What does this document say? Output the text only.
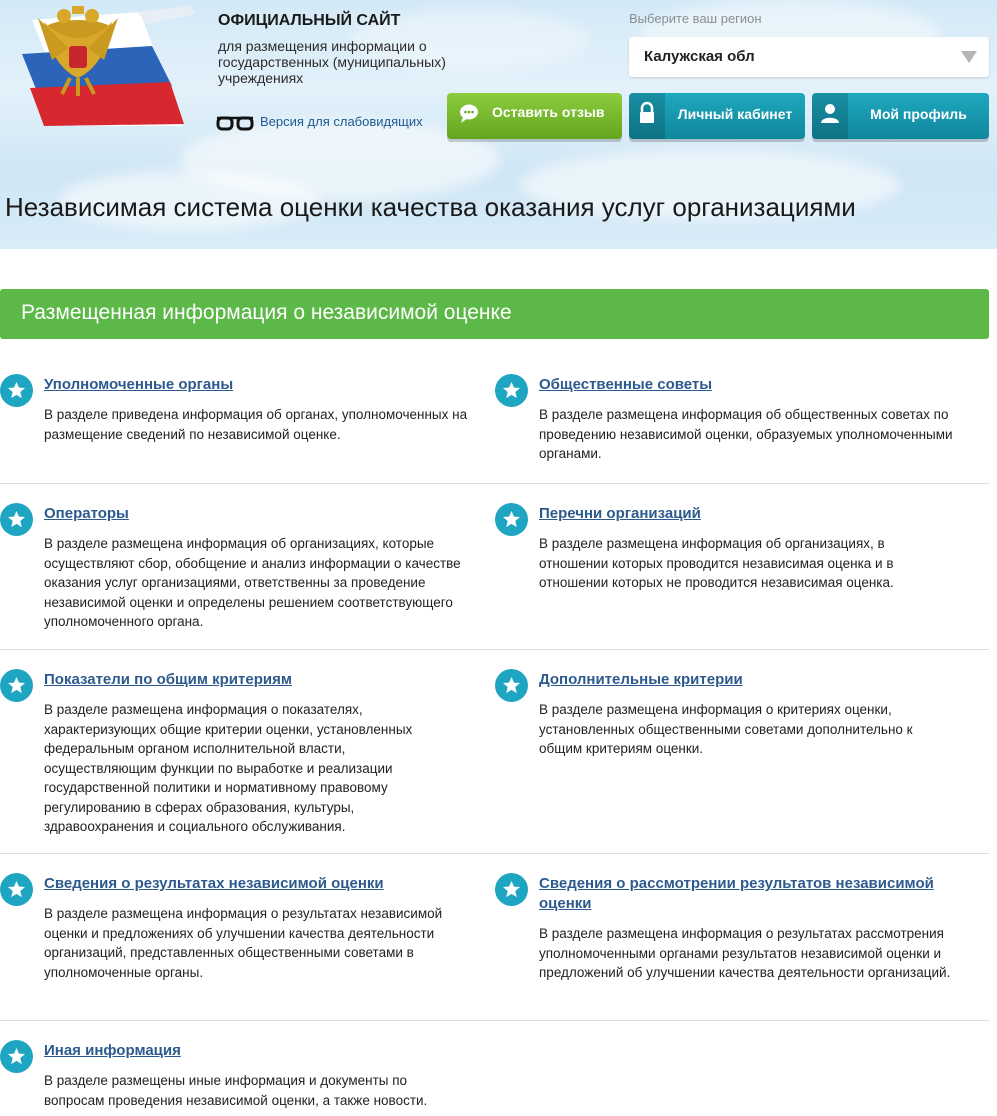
ОФИЦИАЛЬНЫЙ САЙТ
для размещения информации о государственных (муниципальных) учреждениях
Версия для слабовидящих
Выберите ваш регион
Калужская обл
Оставить отзыв	Личный кабинет	Мой профиль
Независимая система оценки качества оказания услуг организациями
Размещенная информация о независимой оценке
Уполномоченные органы
В разделе приведена информация об органах, уполномоченных на размещение сведений по независимой оценке.
Общественные советы
В разделе размещена информация об общественных советах по проведению независимой оценки, образуемых уполномоченными органами.
Операторы
В разделе размещена информация об организациях, которые осуществляют сбор, обобщение и анализ информации о качестве оказания услуг организациями, ответственны за проведение независимой оценки и определены решением соответствующего уполномоченного органа.
Перечни организаций
В разделе размещена информация об организациях, в отношении которых проводится независимая оценка и в отношении которых не проводится независимая оценка.
Показатели по общим критериям
В разделе размещена информация о показателях, характеризующих общие критерии оценки, установленных федеральным органом исполнительной власти, осуществляющим функции по выработке и реализации государственной политики и нормативному правовому регулированию в сферах образования, культуры, здравоохранения и социального обслуживания.
Дополнительные критерии
В разделе размещена информация о критериях оценки, установленных общественными советами дополнительно к общим критериям оценки.
Сведения о результатах независимой оценки
В разделе размещена информация о результатах независимой оценки и предложениях об улучшении качества деятельности организаций, представленных общественными советами в уполномоченные органы.
Сведения о рассмотрении результатов независимой оценки
В разделе размещена информация о результатах рассмотрения уполномоченными органами результатов независимой оценки и предложений об улучшении качества деятельности организаций.
Иная информация
В разделе размещены иные информация и документы по вопросам проведения независимой оценки, а также новости.
